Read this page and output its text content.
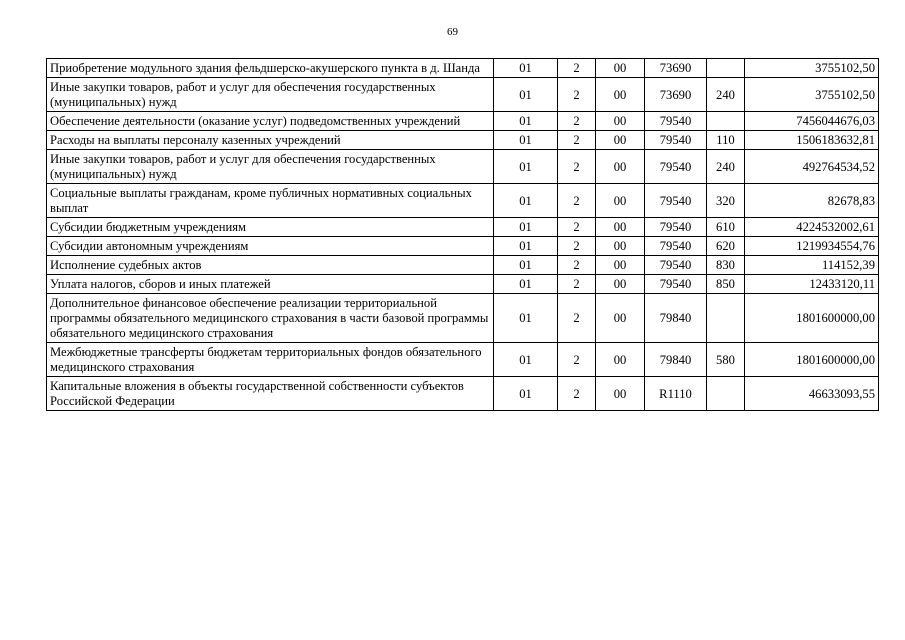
69
Приобретение модульного здания фельдшерско-акушерского пункта в д. Шанда	01	2	00	73690		3755102,50
Иные закупки товаров, работ и услуг для обеспечения государственных (муниципальных) нужд	01	2	00	73690	240	3755102,50
Обеспечение деятельности (оказание услуг) подведомственных учреждений	01	2	00	79540		7456044676,03
Расходы на выплаты персоналу казенных учреждений	01	2	00	79540	110	1506183632,81
Иные закупки товаров, работ и услуг для обеспечения государственных (муниципальных) нужд	01	2	00	79540	240	492764534,52
Социальные выплаты гражданам, кроме публичных нормативных социальных выплат	01	2	00	79540	320	82678,83
Субсидии бюджетным учреждениям	01	2	00	79540	610	4224532002,61
Субсидии автономным учреждениям	01	2	00	79540	620	1219934554,76
Исполнение судебных актов	01	2	00	79540	830	114152,39
Уплата налогов, сборов и иных платежей	01	2	00	79540	850	12433120,11
Дополнительное финансовое обеспечение реализации территориальной программы обязательного медицинского страхования в части базовой программы обязательного медицинского страхования	01	2	00	79840		1801600000,00
Межбюджетные трансферты бюджетам территориальных фондов обязательного медицинского страхования	01	2	00	79840	580	1801600000,00
Капитальные вложения в объекты государственной собственности субъектов Российской Федерации	01	2	00	R1110		46633093,55
